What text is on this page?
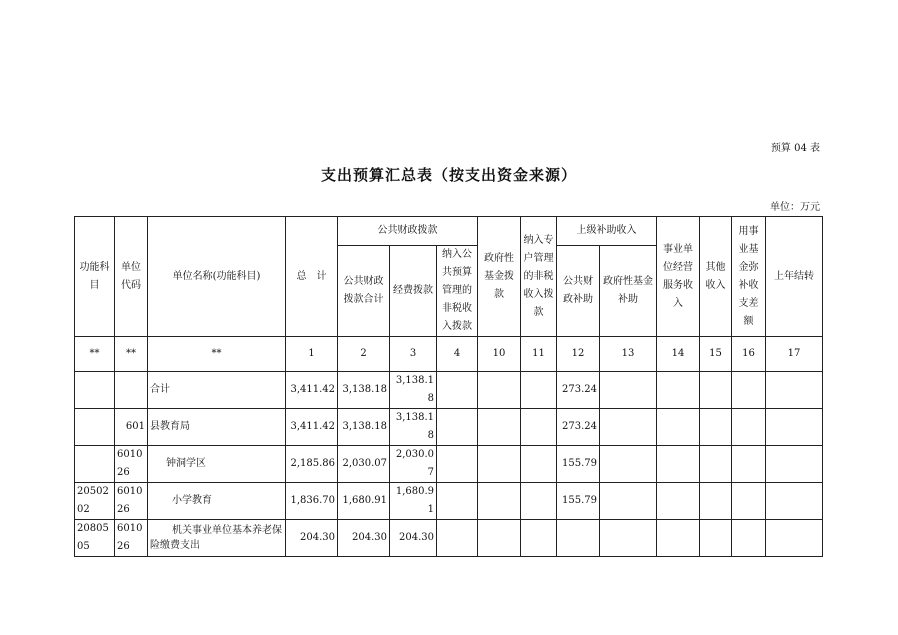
预算 04 表
支出预算汇总表（按支出资金来源）
单位：万元
功能科目	单位代码	单位名称(功能科目)	总　计	公共财政拨款			政府性基金拨款	纳入专户管理的非税收入拨款	上级补助收入		事业单位经营服务收入	其他收入	用事业基金弥补收支差额	上年结转
				公共财政拨款合计	经费拨款	纳入公共预算管理的非税收入拨款			公共财政补助	政府性基金补助				
**	**	**	1	2	3	4	10	11	12	13	14	15	16	17
		合计	3,411.42	3,138.18	3,138.18				273.24					
	601	县教育局	3,411.42	3,138.18	3,138.18				273.24					
	601026	钟洞学区	2,185.86	2,030.07	2,030.07				155.79					
2050202	601026	小学教育	1,836.70	1,680.91	1,680.91				155.79					
2080505	601026	机关事业单位基本养老保险缴费支出	204.30	204.30	204.30									
